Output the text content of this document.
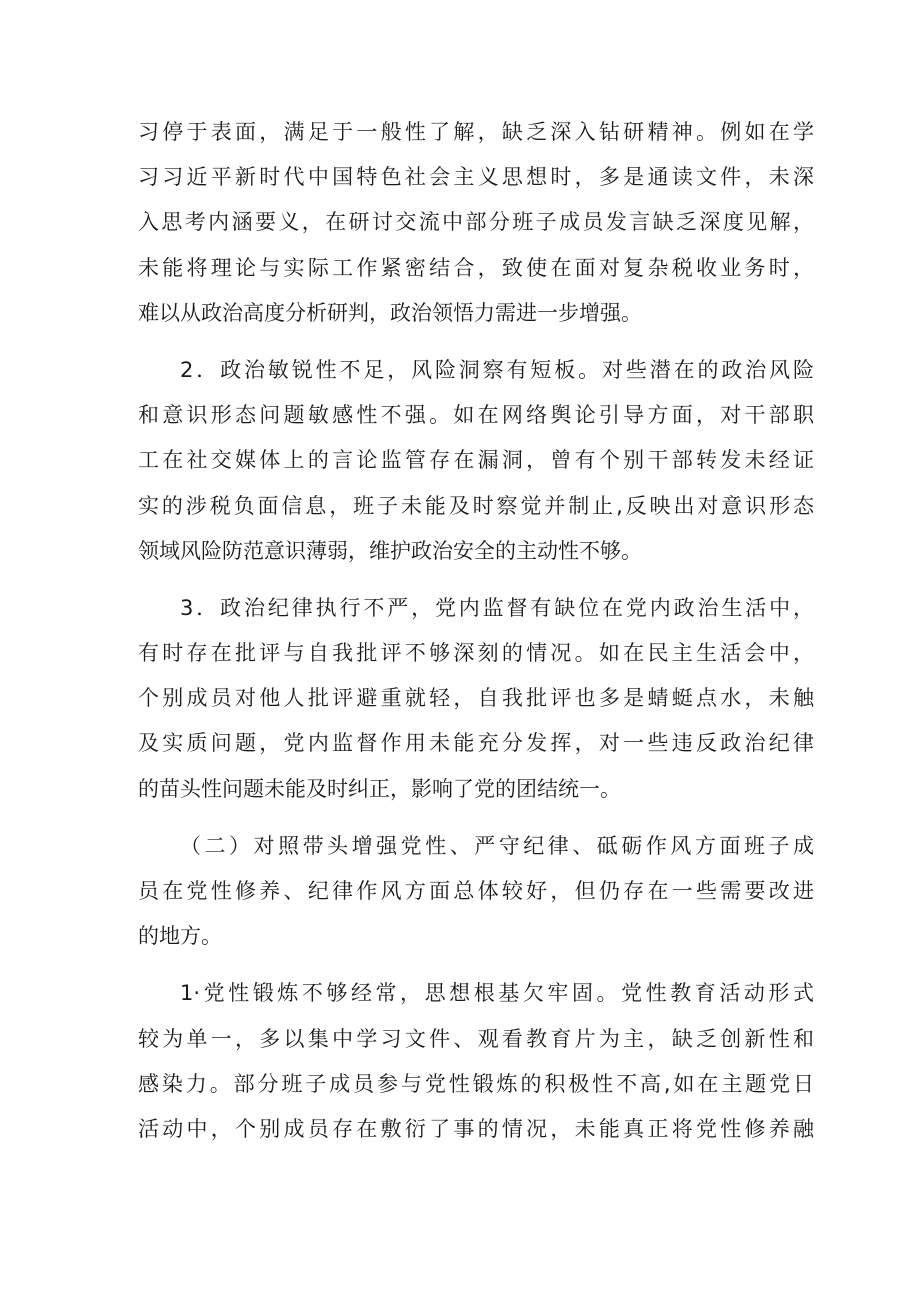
习停于表面，满足于一般性了解，缺乏深入钻研精神。例如在学
习习近平新时代中国特色社会主义思想时，多是通读文件，未深
入思考内涵要义，在研讨交流中部分班子成员发言缺乏深度见解，
未能将理论与实际工作紧密结合，致使在面对复杂税收业务时，
难以从政治高度分析研判，政治领悟力需进一步增强。
2．政治敏锐性不足，风险洞察有短板。对些潜在的政治风险
和意识形态问题敏感性不强。如在网络舆论引导方面，对干部职
工在社交媒体上的言论监管存在漏洞，曾有个别干部转发未经证
实的涉税负面信息，班子未能及时察觉并制止,反映出对意识形态
领域风险防范意识薄弱，维护政治安全的主动性不够。
3．政治纪律执行不严，党内监督有缺位在党内政治生活中，
有时存在批评与自我批评不够深刻的情况。如在民主生活会中，
个别成员对他人批评避重就轻，自我批评也多是蜻蜓点水，未触
及实质问题，党内监督作用未能充分发挥，对一些违反政治纪律
的苗头性问题未能及时纠正，影响了党的团结统一。
（二）对照带头增强党性、严守纪律、砥砺作风方面班子成
员在党性修养、纪律作风方面总体较好，但仍存在一些需要改进
的地方。
1·党性锻炼不够经常，思想根基欠牢固。党性教育活动形式
较为单一，多以集中学习文件、观看教育片为主，缺乏创新性和
感染力。部分班子成员参与党性锻炼的积极性不高,如在主题党日
活动中，个别成员存在敷衍了事的情况，未能真正将党性修养融
